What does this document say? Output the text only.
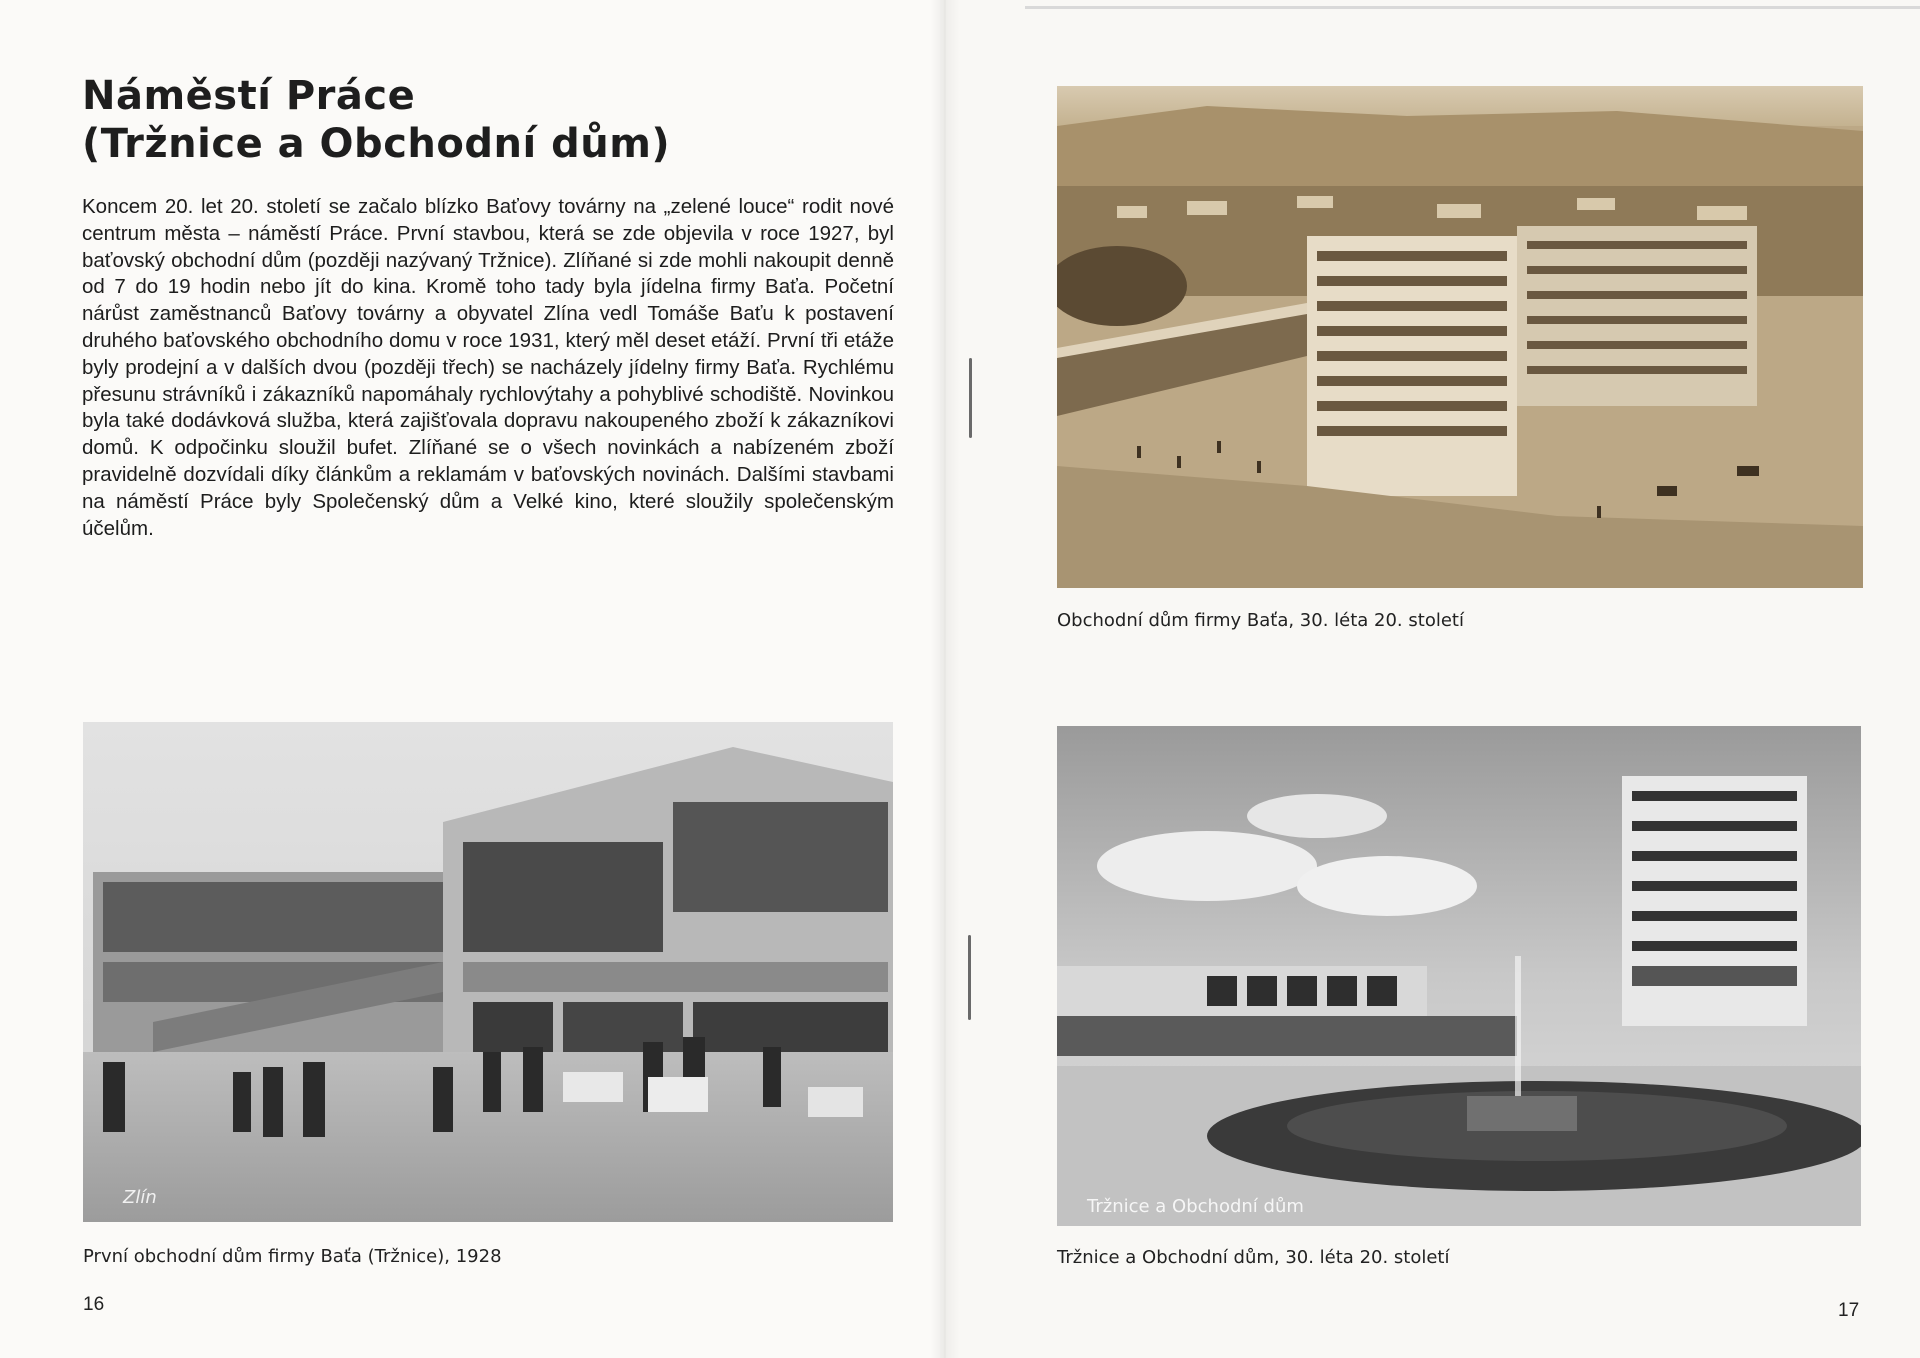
Náměstí Práce
(Tržnice a Obchodní dům)

Koncem 20. let 20. století se začalo blízko Baťovy továrny na „zelené louce“ rodit nové centrum města – náměstí Práce. První stavbou, která se zde objevila v roce 1927, byl baťovský obchodní dům (později nazývaný Tržnice). Zlíňané si zde mohli nakoupit denně od 7 do 19 hodin nebo jít do kina. Kromě toho tady byla jídelna firmy Baťa. Početní nárůst zaměstnanců Baťovy továrny a obyvatel Zlína vedl Tomáše Baťu k postavení druhého baťovského obchodního domu v roce 1931, který měl deset etáží. První tři etáže byly prodejní a v dalších dvou (později třech) se nacházely jídelny firmy Baťa. Rychlému přesunu strávníků i zákazníků napomáhaly rychlovýtahy a pohyblivé schodiště. Novinkou byla také dodávková služba, která zajišťovala dopravu nakoupeného zboží k zákazníkovi domů. K odpočinku sloužil bufet. Zlíňané se o všech novinkách a nabízeném zboží pravidelně dozvídali díky článkům a reklamám v baťovských novinách. Dalšími stavbami na náměstí Práce byly Společenský dům a Velké kino, které sloužily společenským účelům.

Zlín
První obchodní dům firmy Baťa (Tržnice), 1928
16
Obchodní dům firmy Baťa, 30. léta 20. století
Tržnice a Obchodní dům
Tržnice a Obchodní dům, 30. léta 20. století
17
